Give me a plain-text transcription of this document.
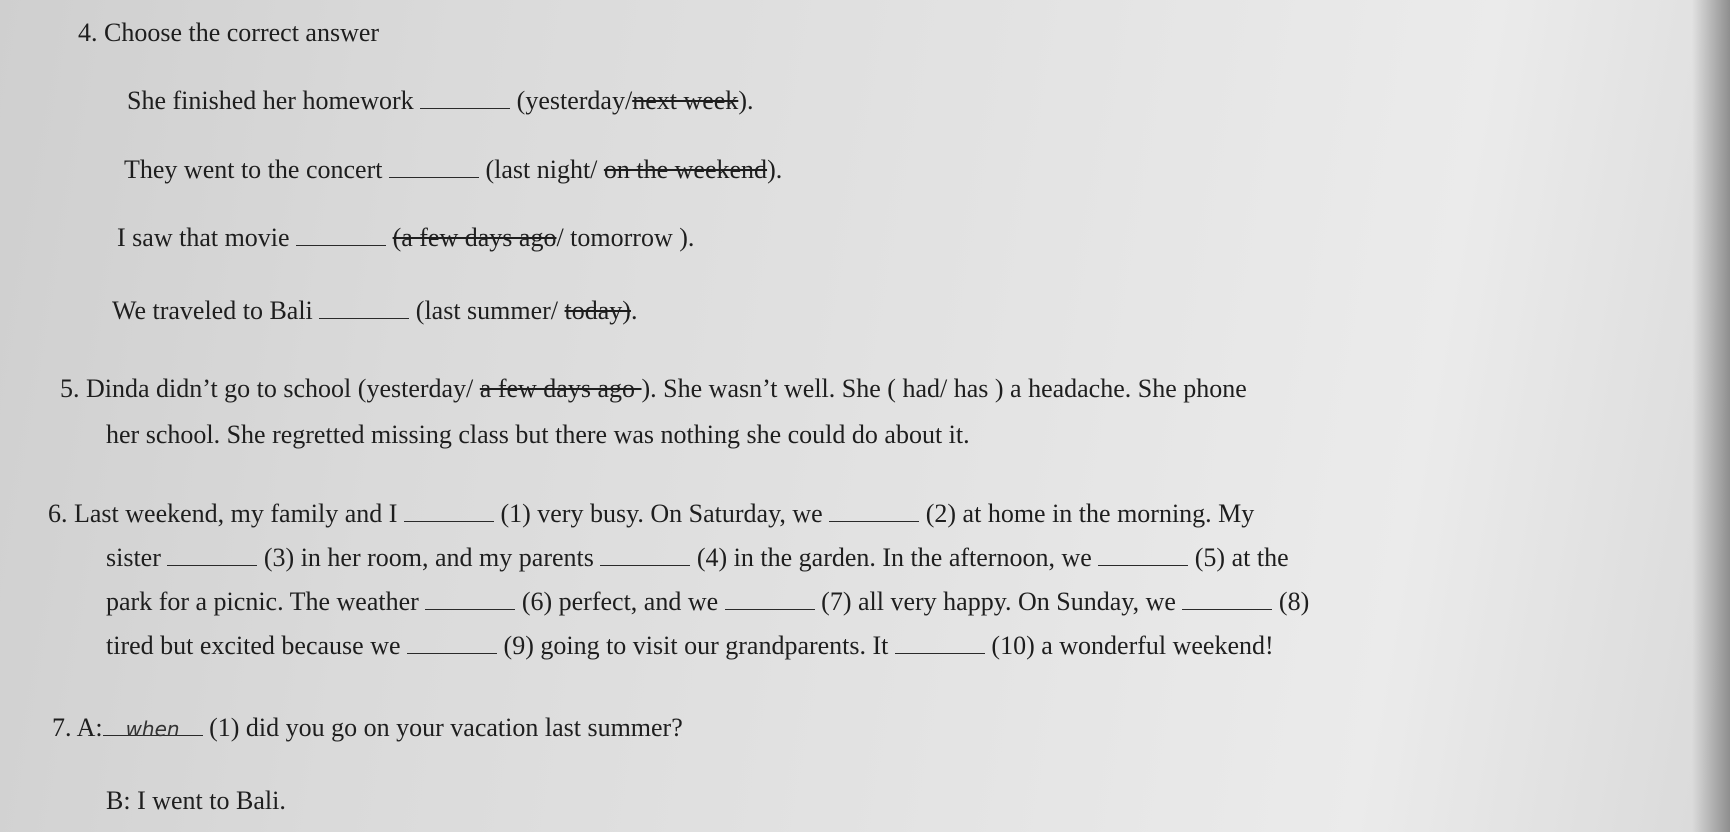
4. Choose the correct answer
She finished her homework	(yesterday/next week).
They went to the concert	(last night/ on the weekend).
I saw that movie	(a few days ago/ tomorrow ).
We traveled to Bali	(last summer/ today).
5. Dinda didn’t go to school (yesterday/ a few days ago ). She wasn’t well. She ( had/ has ) a headache. She phone
her school. She regretted missing class but there was nothing she could do about it.
6. Last weekend, my family and I	(1) very busy. On Saturday, we	(2) at home in the morning. My
sister	(3) in her room, and my parents	(4) in the garden. In the afternoon, we	(5) at the
park for a picnic. The weather	(6) perfect, and we	(7) all very happy. On Sunday, we	(8)
tired but excited because we	(9) going to visit our grandparents. It	(10) a wonderful weekend!
7. A: when (1) did you go on your vacation last summer?
B: I went to Bali.
